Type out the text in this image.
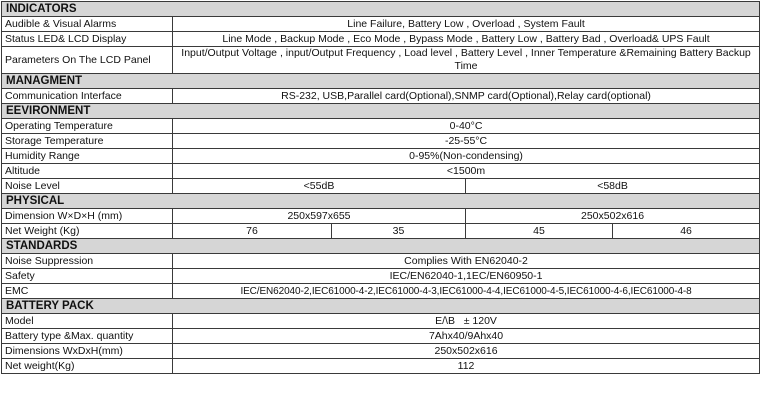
INDICATORS				
Audible & Visual Alarms	Line Failure, Battery Low , Overload , System Fault			
Status LED& LCD Display	Line Mode , Backup Mode , Eco Mode , Bypass Mode , Battery Low , Battery Bad , Overload& UPS Fault			
Parameters On The LCD Panel	Input/Output Voltage , input/Output Frequency , Load level , Battery Level , Inner Temperature &Remaining Battery Backup Time			
MANAGMENT				
Communication Interface	RS-232, USB,Parallel card(Optional),SNMP card(Optional),Relay card(optional)			
EEVIRONMENT				
Operating Temperature	0-40°C			
Storage Temperature	-25-55°C			
Humidity Range	0-95%(Non-condensing)			
Altitude	<1500m			
Noise Level	<55dB		<58dB	
PHYSICAL				
Dimension W×D×H (mm)	250x597x655		250x502x616	
Net Weight (Kg)	76	35	45	46
STANDARDS				
Noise Suppression	Complies With EN62040-2			
Safety	IEC/EN62040-1,1EC/EN60950-1			
EMC	IEC/EN62040-2,IEC61000-4-2,IEC61000-4-3,IEC61000-4-4,IEC61000-4-5,IEC61000-4-6,IEC61000-4-8			
BATTERY PACK				
Model	E/\B   ± 120V			
Battery type &Max. quantity	7Ahx40/9Ahx40			
Dimensions WxDxH(mm)	250x502x616			
Net weight(Kg)	112			
